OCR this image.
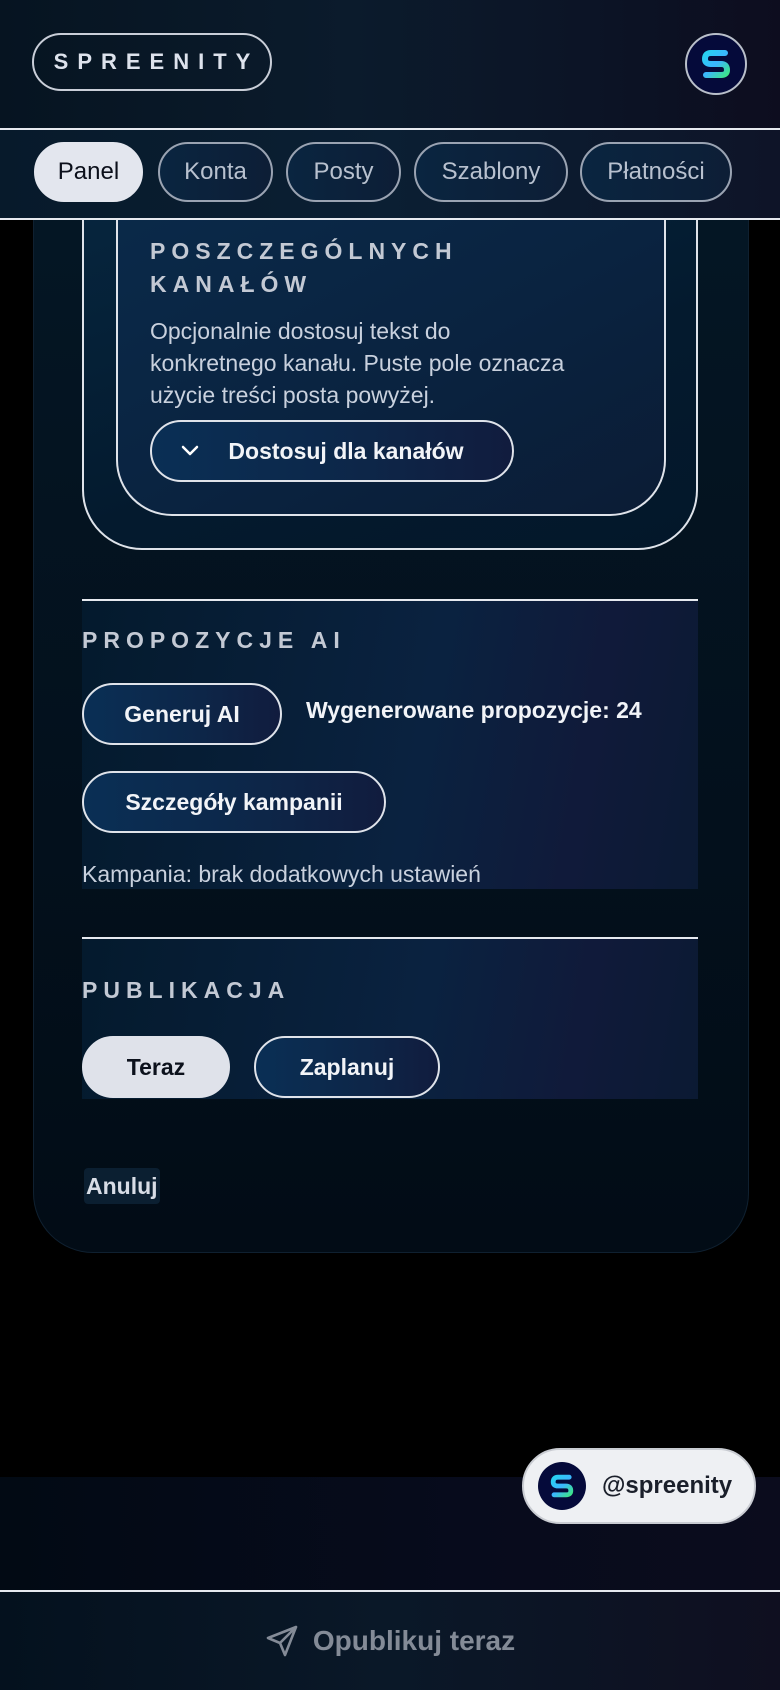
SPREENITY
Panel	Konta	Posty	Szablony	Płatności
POSZCZEGÓLNYCH
KANAŁÓW
Opcjonalnie dostosuj tekst do
konkretnego kanału. Puste pole oznacza
użycie treści posta powyżej.
Dostosuj dla kanałów
PROPOZYCJE AI
Generuj AI	Wygenerowane propozycje: 24
Szczegóły kampanii
Kampania: brak dodatkowych ustawień
PUBLIKACJA
Teraz	Zaplanuj
Anuluj
@spreenity
Opublikuj teraz
